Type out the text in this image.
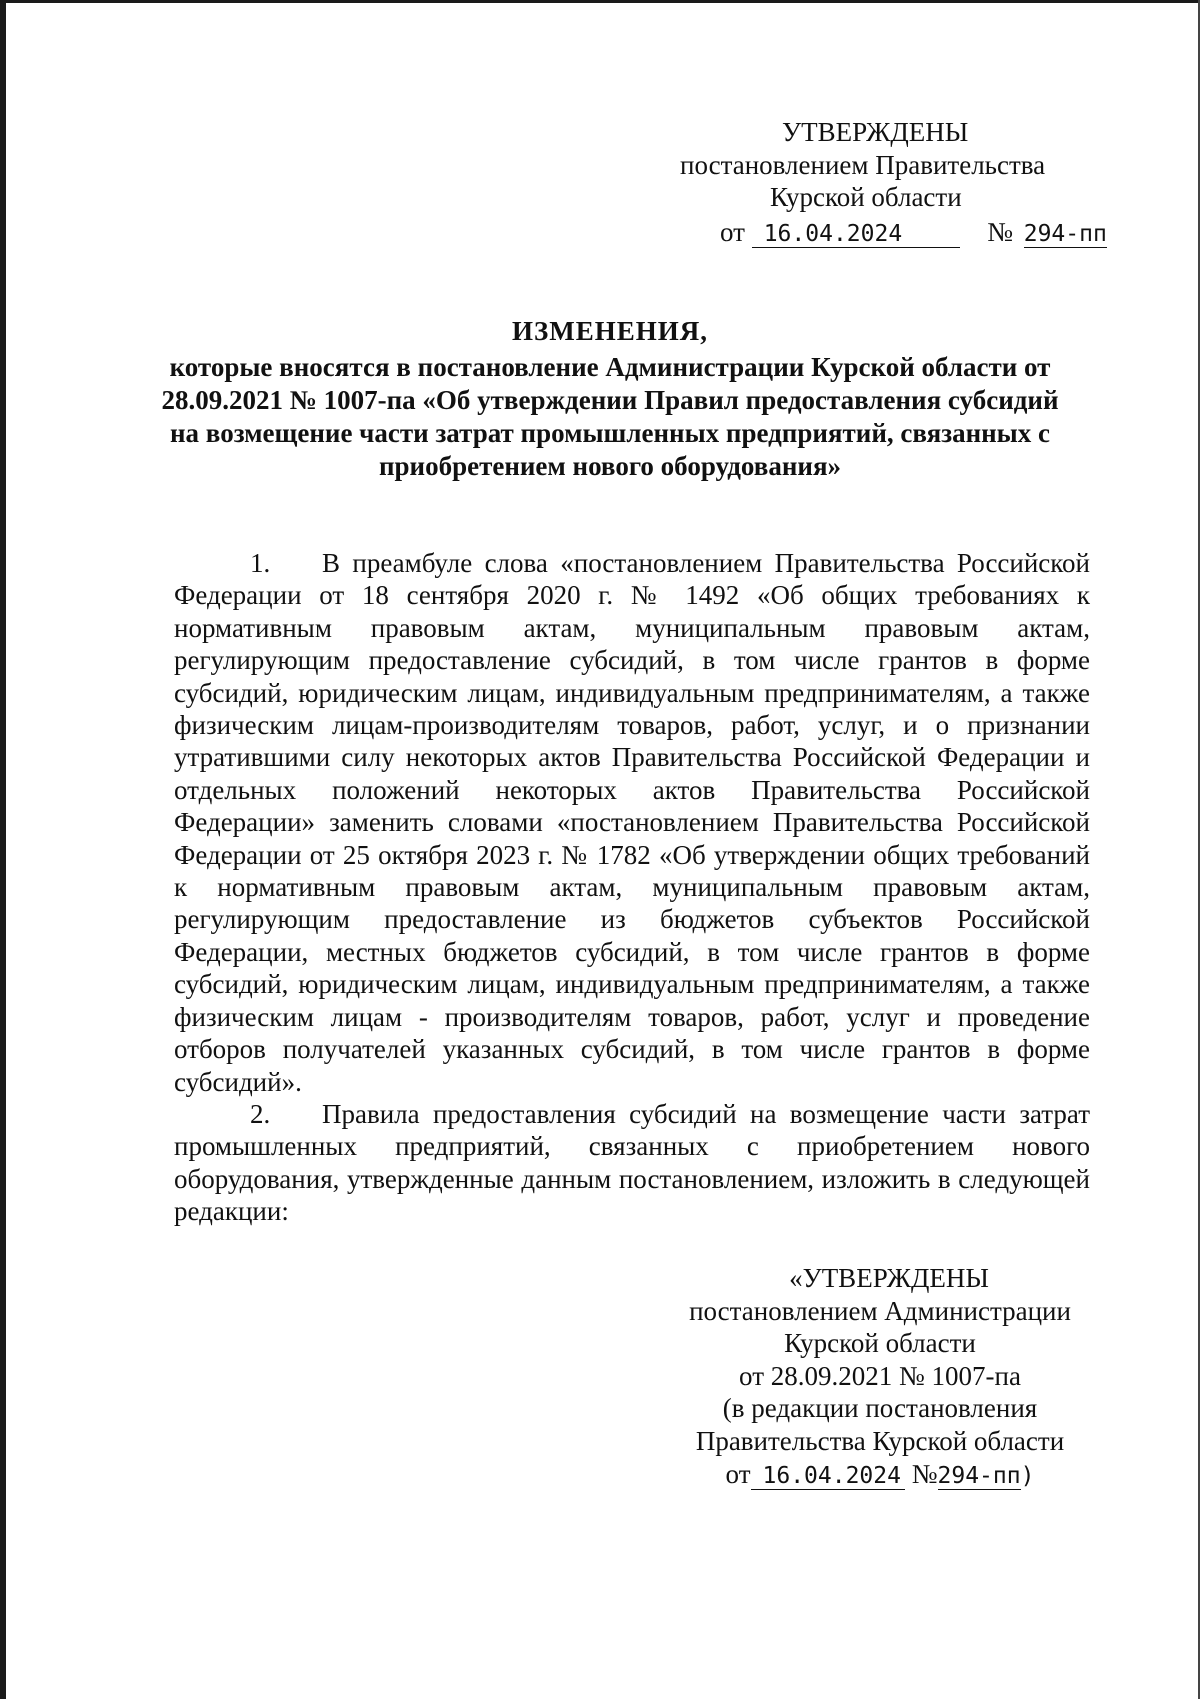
УТВЕРЖДЕНЫ
постановлением Правительства
Курской области
от 16.04.2024	№ 294-пп
ИЗМЕНЕНИЯ,
которые вносятся в постановление Администрации Курской области от 28.09.2021 № 1007-па «Об утверждении Правил предоставления субсидий на возмещение части затрат промышленных предприятий, связанных с приобретением нового оборудования»

1. В преамбуле слова «постановлением Правительства Российской Федерации от 18 сентября 2020 г. № 1492 «Об общих требованиях к нормативным правовым актам, муниципальным правовым актам, регулирующим предоставление субсидий, в том числе грантов в форме субсидий, юридическим лицам, индивидуальным предпринимателям, а также физическим лицам-производителям товаров, работ, услуг, и о признании утратившими силу некоторых актов Правительства Российской Федерации и отдельных положений некоторых актов Правительства Российской Федерации» заменить словами «постановлением Правительства Российской Федерации от 25 октября 2023 г. № 1782 «Об утверждении общих требований к нормативным правовым актам, муниципальным правовым актам, регулирующим предоставление из бюджетов субъектов Российской Федерации, местных бюджетов субсидий, в том числе грантов в форме субсидий, юридическим лицам, индивидуальным предпринимателям, а также физическим лицам - производителям товаров, работ, услуг и проведение отборов получателей указанных субсидий, в том числе грантов в форме субсидий».

2. Правила предоставления субсидий на возмещение части затрат промышленных предприятий, связанных с приобретением нового оборудования, утвержденные данным постановлением, изложить в следующей редакции:

«УТВЕРЖДЕНЫ
постановлением Администрации
Курской области
от 28.09.2021 № 1007-па
(в редакции постановления
Правительства Курской области
от 16.04.2024 №294-пп)
